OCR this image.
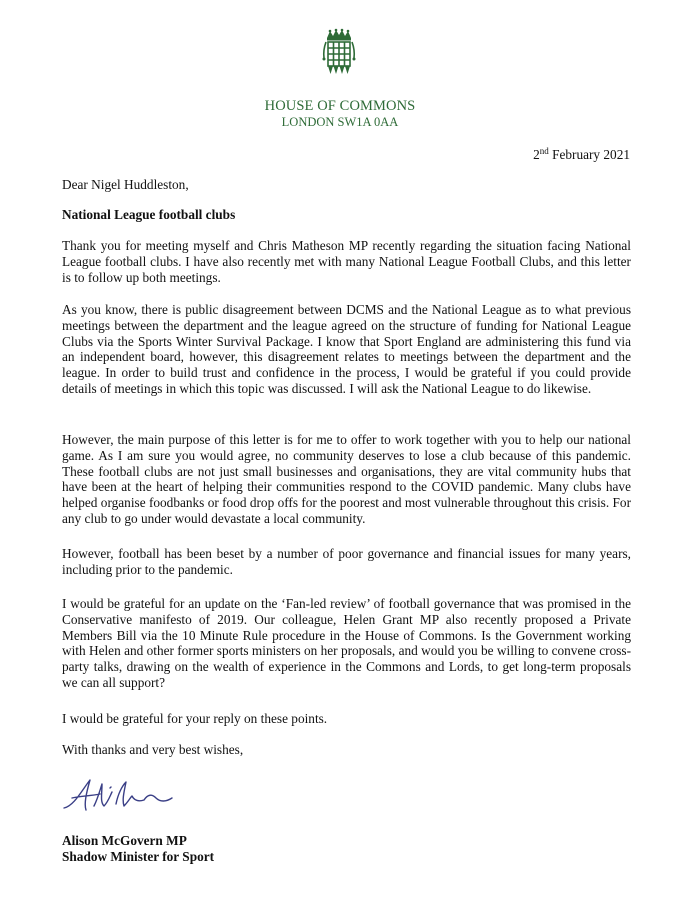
HOUSE OF COMMONS
LONDON SW1A 0AA
2nd February 2021
Dear Nigel Huddleston,
National League football clubs

Thank you for meeting myself and Chris Matheson MP recently regarding the situation facing National League football clubs. I have also recently met with many National League Football Clubs, and this letter is to follow up both meetings.

As you know, there is public disagreement between DCMS and the National League as to what previous meetings between the department and the league agreed on the structure of funding for National League Clubs via the Sports Winter Survival Package. I know that Sport England are administering this fund via an independent board, however, this disagreement relates to meetings between the department and the league. In order to build trust and confidence in the process, I would be grateful if you could provide details of meetings in which this topic was discussed. I will ask the National League to do likewise.

However, the main purpose of this letter is for me to offer to work together with you to help our national game. As I am sure you would agree, no community deserves to lose a club because of this pandemic. These football clubs are not just small businesses and organisations, they are vital community hubs that have been at the heart of helping their communities respond to the COVID pandemic. Many clubs have helped organise foodbanks or food drop offs for the poorest and most vulnerable throughout this crisis. For any club to go under would devastate a local community.

However, football has been beset by a number of poor governance and financial issues for many years, including prior to the pandemic.

I would be grateful for an update on the ‘Fan-led review’ of football governance that was promised in the Conservative manifesto of 2019. Our colleague, Helen Grant MP also recently proposed a Private Members Bill via the 10 Minute Rule procedure in the House of Commons. Is the Government working with Helen and other former sports ministers on her proposals, and would you be willing to convene cross-party talks, drawing on the wealth of experience in the Commons and Lords, to get long-term proposals we can all support?

I would be grateful for your reply on these points.

With thanks and very best wishes,
Alison McGovern MP
Shadow Minister for Sport
